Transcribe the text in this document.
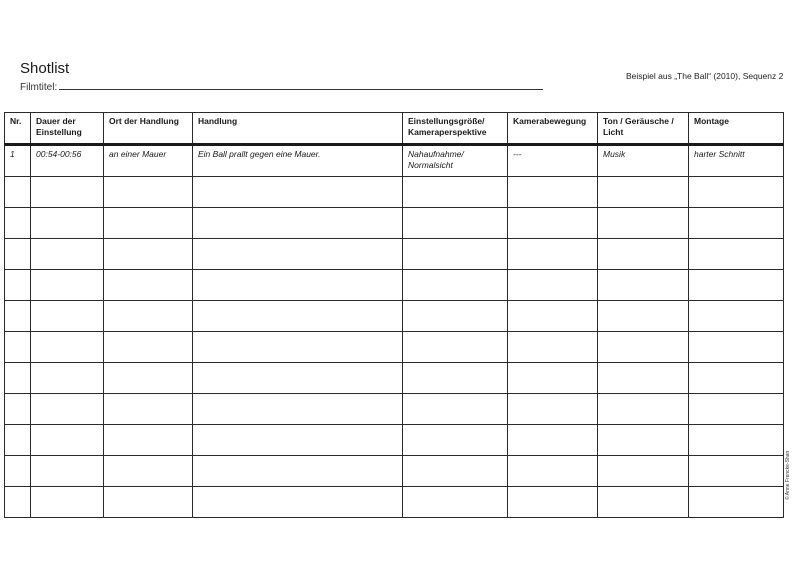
Shotlist
Filmtitel:
Beispiel aus „The Ball“ (2010), Sequenz 2
Nr.	Dauer der Einstellung	Ort der Handlung	Handlung	Einstellungsgröße/ Kameraperspektive	Kamerabewegung	Ton / Geräusche / Licht	Montage
1	00:54-00:56	an einer Mauer	Ein Ball prallt gegen eine Mauer.	Nahaufnahme/ Normalsicht	---	Musik	harter Schnitt

© Anne Frencke-Shan
